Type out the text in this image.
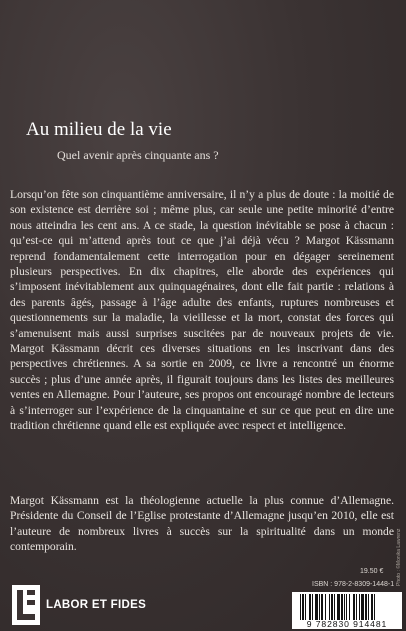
Au milieu de la vie

Quel avenir après cinquante ans ?

Lorsqu’on fête son cinquantième anniversaire, il n’y a plus de doute : la moitié de son existence est derrière soi ; même plus, car seule une petite minorité d’entre nous atteindra les cent ans. A ce stade, la question inévitable se pose à chacun : qu’est-ce qui m’attend après tout ce que j’ai déjà vécu ? Margot Kässmann reprend fondamentalement cette interrogation pour en dégager sereinement plusieurs perspectives. En dix chapitres, elle aborde des expériences qui s’imposent inévitablement aux quinquagénaires, dont elle fait partie : relations à des parents âgés, passage à l’âge adulte des enfants, ruptures nombreuses et questionnements sur la maladie, la vieillesse et la mort, constat des forces qui s’amenuisent mais aussi surprises suscitées par de nouveaux projets de vie. Margot Kässmann décrit ces diverses situations en les inscrivant dans des perspectives chrétiennes. A sa sortie en 2009, ce livre a rencontré un énorme succès ; plus d’une année après, il figurait toujours dans les listes des meilleures ventes en Allemagne. Pour l’auteure, ses propos ont encouragé nombre de lecteurs à s’interroger sur l’expérience de la cinquantaine et sur ce que peut en dire une tradition chrétienne quand elle est expliquée avec respect et intelligence.

Margot Kässmann est la théologienne actuelle la plus connue d’Allemagne. Présidente du Conseil de l’Eglise protestante d’Allemagne jusqu’en 2010, elle est l’auteure de nombreux livres à succès sur la spiritualité dans un monde contemporain.

19.50 €
ISBN : 978-2-8309-1448-1 Photo : ©Monika Lawrenz
LABOR ET FIDES
9 782830 914481
